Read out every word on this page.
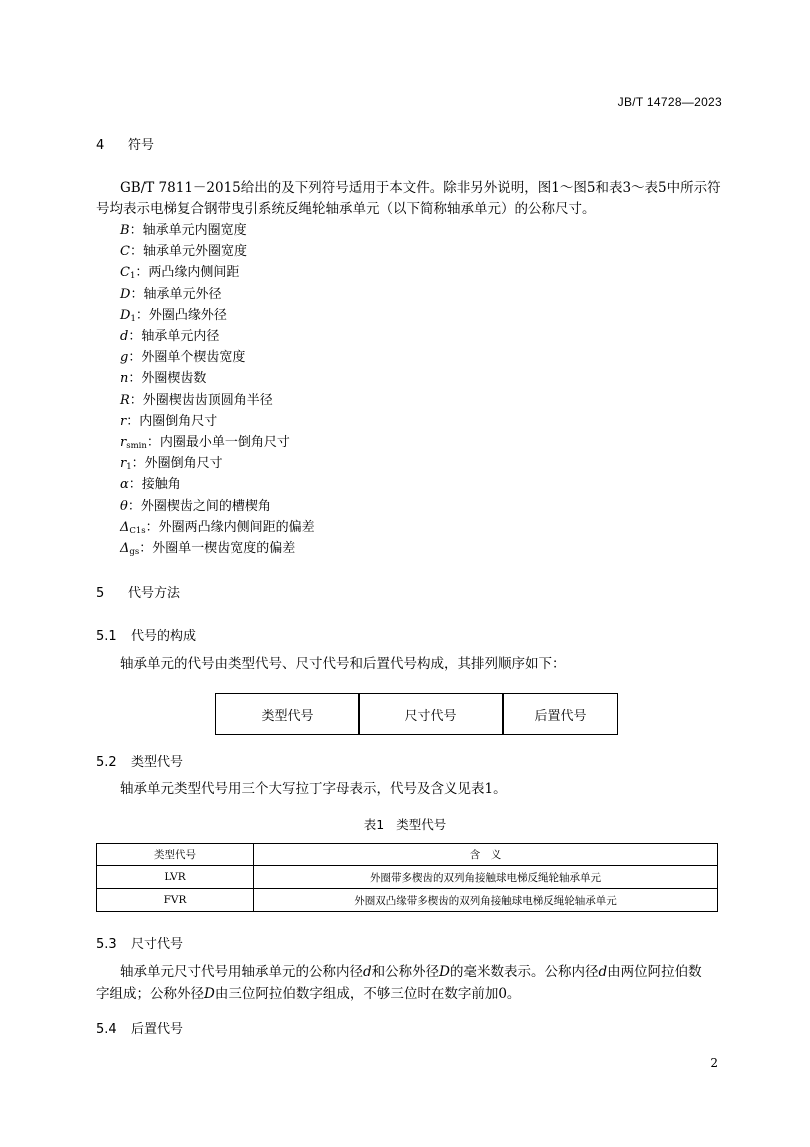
JB/T 14728—2023
4 符号
GB/T 7811－2015给出的及下列符号适用于本文件。除非另外说明，图1～图5和表3～表5中所示符
号均表示电梯复合钢带曳引系统反绳轮轴承单元（以下简称轴承单元）的公称尺寸。
B：轴承单元内圈宽度
C：轴承单元外圈宽度
C1：两凸缘内侧间距
D：轴承单元外径
D1：外圈凸缘外径
d：轴承单元内径
g：外圈单个楔齿宽度
n：外圈楔齿数
R：外圈楔齿齿顶圆角半径
r：内圈倒角尺寸
rsmin：内圈最小单一倒角尺寸
r1：外圈倒角尺寸
α：接触角
θ：外圈楔齿之间的槽楔角
ΔC1s：外圈两凸缘内侧间距的偏差
Δgs：外圈单一楔齿宽度的偏差
5 代号方法
5.1 代号的构成
轴承单元的代号由类型代号、尺寸代号和后置代号构成，其排列顺序如下：
类型代号	尺寸代号	后置代号
5.2 类型代号
轴承单元类型代号用三个大写拉丁字母表示，代号及含义见表1。
表1 类型代号
类型代号	含　义
LVR	外圈带多楔齿的双列角接触球电梯反绳轮轴承单元
FVR	外圈双凸缘带多楔齿的双列角接触球电梯反绳轮轴承单元
5.3 尺寸代号
轴承单元尺寸代号用轴承单元的公称内径d和公称外径D的毫米数表示。公称内径d由两位阿拉伯数
字组成；公称外径D由三位阿拉伯数字组成，不够三位时在数字前加0。
5.4 后置代号
2
